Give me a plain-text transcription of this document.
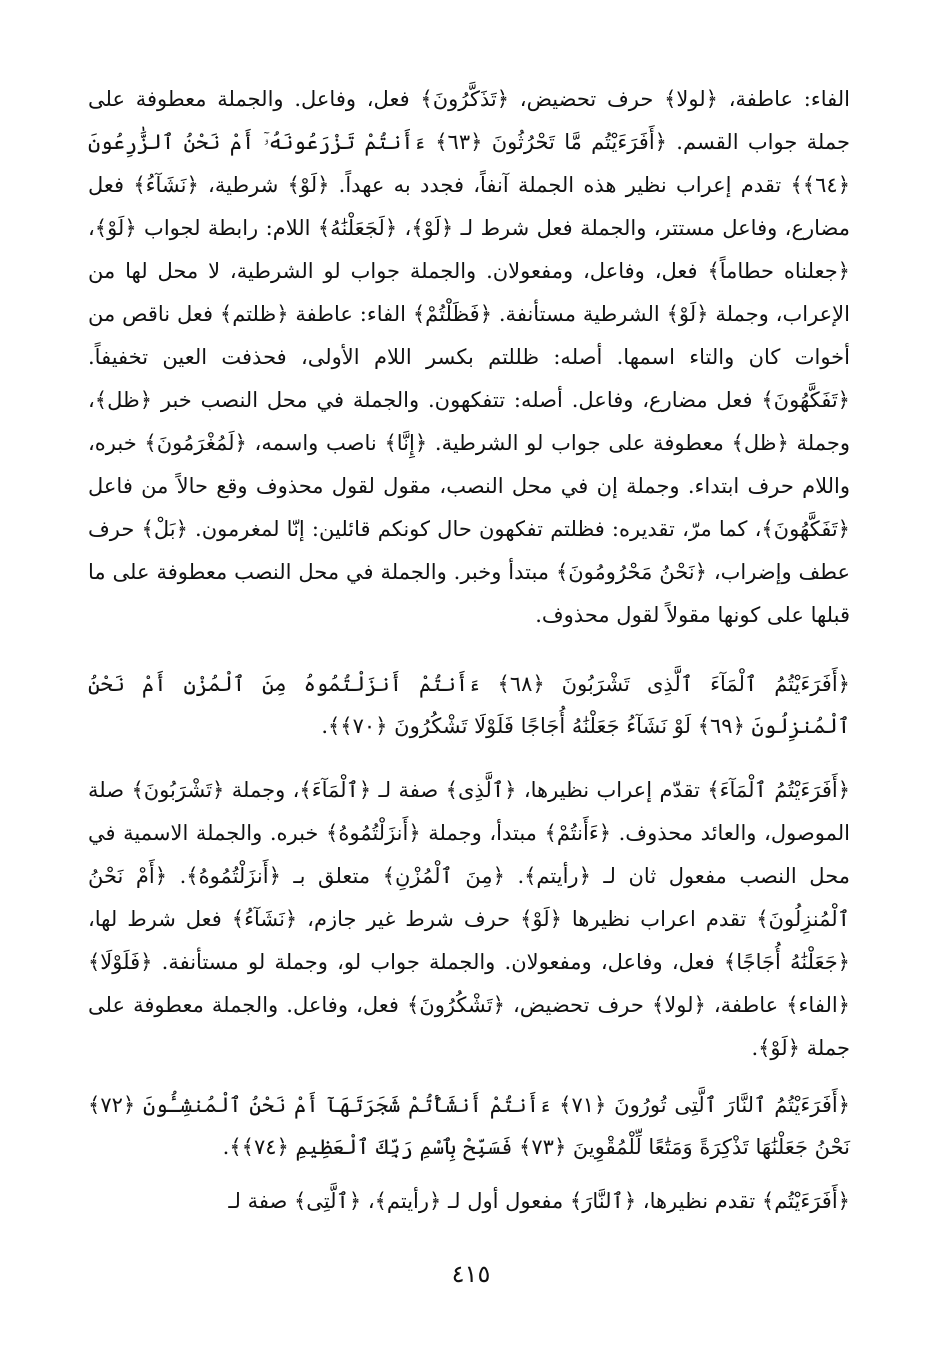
الفاء: عاطفة، ﴿لولا﴾ حرف تحضيض، ﴿تَذَكَّرُونَ﴾ فعل، وفاعل. والجملة معطوفة على جملة جواب القسم. ﴿أَفَرَءَيْتُم مَّا تَحْرُثُونَ ﴿٦٣﴾ ءَأَنتُمْ تَزْرَعُونَهُۥٓ أَمْ نَحْنُ ٱلزَّٰرِعُونَ ﴿٦٤﴾﴾ تقدم إعراب نظير هذه الجملة آنفاً، فجدد به عهداً. ﴿لَوْ﴾ شرطية، ﴿نَشَآءُ﴾ فعل مضارع، وفاعل مستتر، والجملة فعل شرط لـ ﴿لَوْ﴾، ﴿لَجَعَلْنَٰهُ﴾ اللام: رابطة لجواب ﴿لَوْ﴾، ﴿جعلناه حطاماً﴾ فعل، وفاعل، ومفعولان. والجملة جواب لو الشرطية، لا محل لها من الإعراب، وجملة ﴿لَوْ﴾ الشرطية مستأنفة. ﴿فَظَلْتُمْ﴾ الفاء: عاطفة ﴿ظلتم﴾ فعل ناقص من أخوات كان والتاء اسمها. أصله: ظللتم بكسر اللام الأولى، فحذفت العين تخفيفاً. ﴿تَفَكَّهُونَ﴾ فعل مضارع، وفاعل. أصله: تتفكهون. والجملة في محل النصب خبر ﴿ظل﴾، وجملة ﴿ظل﴾ معطوفة على جواب لو الشرطية. ﴿إِنَّا﴾ ناصب واسمه، ﴿لَمُغْرَمُونَ﴾ خبره، واللام حرف ابتداء. وجملة إن في محل النصب، مقول لقول محذوف وقع حالاً من فاعل ﴿تَفَكَّهُونَ﴾، كما مرّ، تقديره: فظلتم تفكهون حال كونكم قائلين: إنّا لمغرمون. ﴿بَلْ﴾ حرف عطف وإضراب، ﴿نَحْنُ مَحْرُومُونَ﴾ مبتدأ وخبر. والجملة في محل النصب معطوفة على ما قبلها على كونها مقولاً لقول محذوف.

﴿أَفَرَءَيْتُمُ ٱلْمَآءَ ٱلَّذِى تَشْرَبُونَ ﴿٦٨﴾ ءَأَنتُمْ أَنزَلْتُمُوهُ مِنَ ٱلْمُزْنِ أَمْ نَحْنُ ٱلْمُنزِلُونَ ﴿٦٩﴾ لَوْ نَشَآءُ جَعَلْنَٰهُ أُجَاجًا فَلَوْلَا تَشْكُرُونَ ﴿٧٠﴾﴾.

﴿أَفَرَءَيْتُمُ ٱلْمَآءَ﴾ تقدّم إعراب نظيرها، ﴿ٱلَّذِى﴾ صفة لـ ﴿ٱلْمَآءَ﴾، وجملة ﴿تَشْرَبُونَ﴾ صلة الموصول، والعائد محذوف. ﴿ءَأَنتُمْ﴾ مبتدأ، وجملة ﴿أَنزَلْتُمُوهُ﴾ خبره. والجملة الاسمية في محل النصب مفعول ثان لـ ﴿رأيتم﴾. ﴿مِنَ ٱلْمُزْنِ﴾ متعلق بـ ﴿أَنزَلْتُمُوهُ﴾. ﴿أَمْ نَحْنُ ٱلْمُنزِلُونَ﴾ تقدم اعراب نظيرها ﴿لَوْ﴾ حرف شرط غير جازم، ﴿نَشَآءُ﴾ فعل شرط لها، ﴿جَعَلْنَٰهُ أُجَاجًا﴾ فعل، وفاعل، ومفعولان. والجملة جواب لو، وجملة لو مستأنفة. ﴿فَلَوْلَا﴾ ﴿الفاء﴾ عاطفة، ﴿لولا﴾ حرف تحضيض، ﴿تَشْكُرُونَ﴾ فعل، وفاعل. والجملة معطوفة على جملة ﴿لَوْ﴾.

﴿أَفَرَءَيْتُمُ ٱلنَّارَ ٱلَّتِى تُورُونَ ﴿٧١﴾ ءَأَنتُمْ أَنشَأْتُمْ شَجَرَتَهَآ أَمْ نَحْنُ ٱلْمُنشِـُٔونَ ﴿٧٢﴾ نَحْنُ جَعَلْنَٰهَا تَذْكِرَةً وَمَتَٰعًا لِّلْمُقْوِينَ ﴿٧٣﴾ فَسَبِّحْ بِٱسْمِ رَبِّكَ ٱلْعَظِيمِ ﴿٧٤﴾﴾.

﴿أَفَرَءَيْتُم﴾ تقدم نظيرها، ﴿ٱلنَّارَ﴾ مفعول أول لـ ﴿رأيتم﴾، ﴿ٱلَّتِى﴾ صفة لـ

٤١٥
